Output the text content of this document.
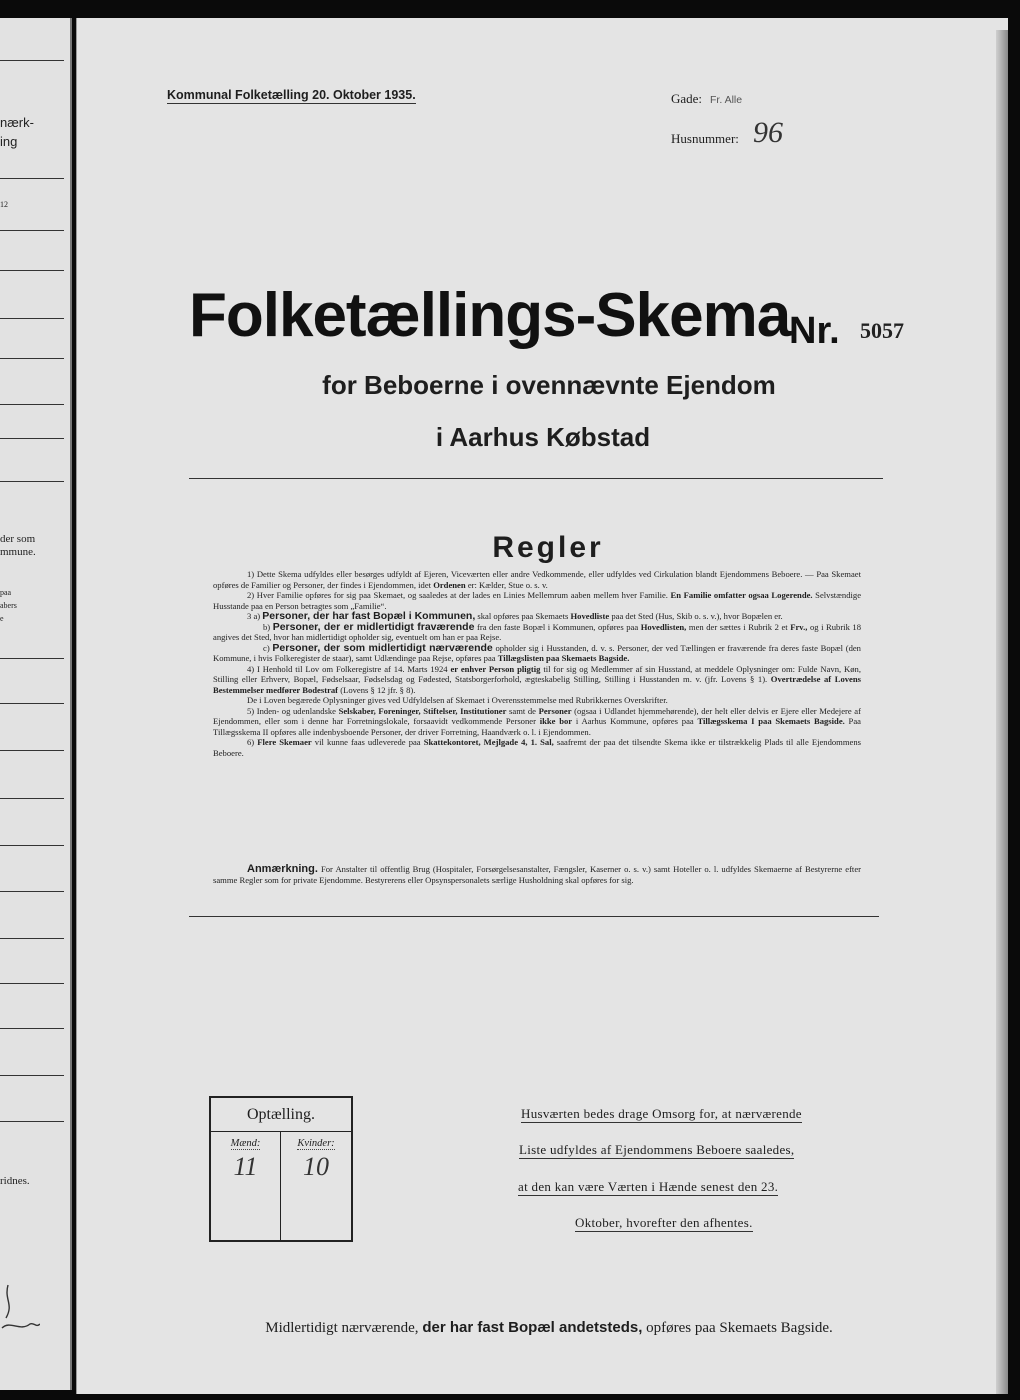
nærk-
ing
12
der som
mmune.
paa
abers
e
ridnes.
Kommunal Folketælling 20. Oktober 1935.	Gade: Fr. Alle
Husnummer: 96
Folketællings-Skema
Nr. 5057
for Beboerne i ovennævnte Ejendom
i Aarhus Købstad
Regler

1) Dette Skema udfyldes eller besørges udfyldt af Ejeren, Viceværten eller andre Vedkommende, eller udfyldes ved Cirkulation blandt Ejendommens Beboere. — Paa Skemaet opføres de Familier og Personer, der findes i Ejendommen, idet Ordenen er: Kælder, Stue o. s. v.

2) Hver Familie opføres for sig paa Skemaet, og saaledes at der lades en Linies Mellemrum aaben mellem hver Familie. En Familie omfatter ogsaa Logerende. Selvstændige Husstande paa en Person betragtes som „Familie“.

3 a) Personer, der har fast Bopæl i Kommunen, skal opføres paa Skemaets Hovedliste paa det Sted (Hus, Skib o. s. v.), hvor Bopælen er.

b) Personer, der er midlertidigt fraværende fra den faste Bopæl i Kommunen, opføres paa Hovedlisten, men der sættes i Rubrik 2 et Frv., og i Rubrik 18 angives det Sted, hvor han midlertidigt opholder sig, eventuelt om han er paa Rejse.

c) Personer, der som midlertidigt nærværende opholder sig i Husstanden, d. v. s. Personer, der ved Tællingen er fraværende fra deres faste Bopæl (den Kommune, i hvis Folkeregister de staar), samt Udlændinge paa Rejse, opføres paa Tillægslisten paa Skemaets Bagside.

4) I Henhold til Lov om Folkeregistre af 14. Marts 1924 er enhver Person pligtig til for sig og Medlemmer af sin Husstand, at meddele Oplysninger om: Fulde Navn, Køn, Stilling eller Erhverv, Bopæl, Fødselsaar, Fødselsdag og Fødested, Statsborgerforhold, ægteskabelig Stilling, Stilling i Husstanden m. v. (jfr. Lovens § 1). Overtrædelse af Lovens Bestemmelser medfører Bodestraf (Lovens § 12 jfr. § 8).

De i Loven begærede Oplysninger gives ved Udfyldelsen af Skemaet i Overensstemmelse med Rubrikkernes Overskrifter.

5) Inden- og udenlandske Selskaber, Foreninger, Stiftelser, Institutioner samt de Personer (ogsaa i Udlandet hjemmehørende), der helt eller delvis er Ejere eller Medejere af Ejendommen, eller som i denne har Forretningslokale, forsaavidt vedkommende Personer ikke bor i Aarhus Kommune, opføres paa Tillægsskema I paa Skemaets Bagside. Paa Tillægsskema II opføres alle indenbysboende Personer, der driver Forretning, Haandværk o. l. i Ejendommen.

6) Flere Skemaer vil kunne faas udleverede paa Skattekontoret, Mejlgade 4, 1. Sal, saafremt der paa det tilsendte Skema ikke er tilstrækkelig Plads til alle Ejendommens Beboere.

Anmærkning. For Anstalter til offentlig Brug (Hospitaler, Forsørgelsesanstalter, Fængsler, Kaserner o. s. v.) samt Hoteller o. l. udfyldes Skemaerne af Bestyrerne efter samme Regler som for private Ejendomme. Bestyrerens eller Opsynspersonalets særlige Husholdning skal opføres for sig.

Optælling.
Mænd:
11
Kvinder:
10
Husværten bedes drage Omsorg for, at nærværende
Liste udfyldes af Ejendommens Beboere saaledes,
at den kan være Værten i Hænde senest den 23.
Oktober, hvorefter den afhentes.
Midlertidigt nærværende, der har fast Bopæl andetsteds, opføres paa Skemaets Bagside.
